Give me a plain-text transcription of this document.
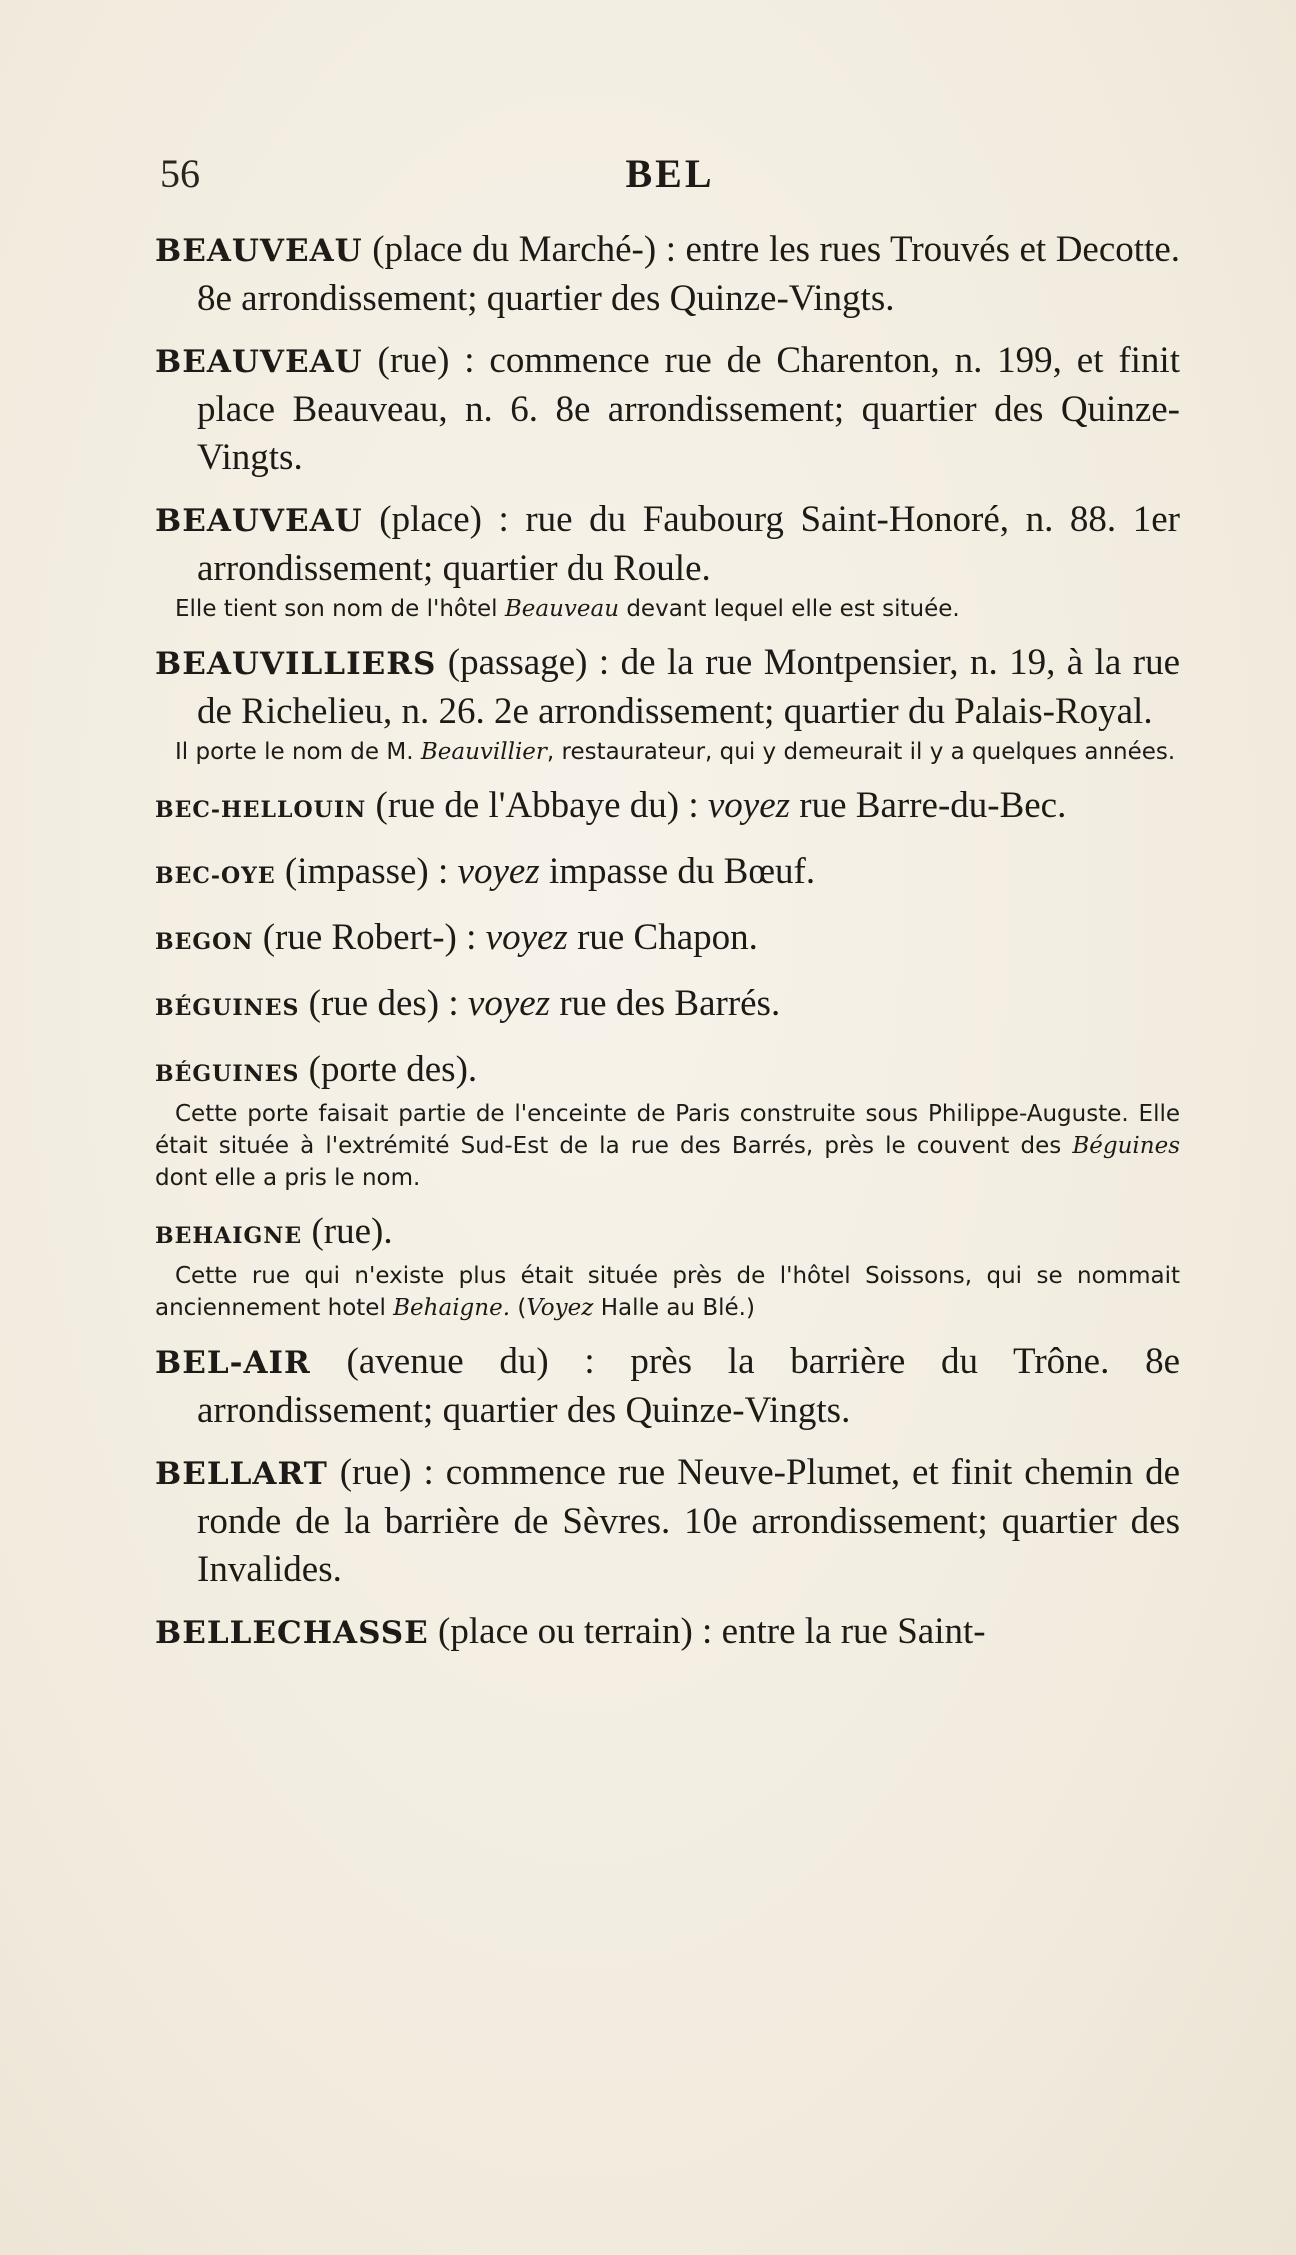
56	BEL

BEAUVEAU (place du Marché-) : entre les rues Trouvés et Decotte. 8e arrondissement; quartier des Quinze-Vingts.

BEAUVEAU (rue) : commence rue de Charenton, n. 199, et finit place Beauveau, n. 6. 8e arrondissement; quartier des Quinze-Vingts.

BEAUVEAU (place) : rue du Faubourg Saint-Honoré, n. 88. 1er arrondissement; quartier du Roule.

Elle tient son nom de l'hôtel Beauveau devant lequel elle est située.

BEAUVILLIERS (passage) : de la rue Montpensier, n. 19, à la rue de Richelieu, n. 26. 2e arrondissement; quartier du Palais-Royal.

Il porte le nom de M. Beauvillier, restaurateur, qui y demeurait il y a quelques années.

BEC-HELLOUIN (rue de l'Abbaye du) : voyez rue Barre-du-Bec.

BEC-OYE (impasse) : voyez impasse du Bœuf.

BEGON (rue Robert-) : voyez rue Chapon.

BÉGUINES (rue des) : voyez rue des Barrés.

BÉGUINES (porte des).

Cette porte faisait partie de l'enceinte de Paris construite sous Philippe-Auguste. Elle était située à l'extrémité Sud-Est de la rue des Barrés, près le couvent des Béguines dont elle a pris le nom.

BEHAIGNE (rue).

Cette rue qui n'existe plus était située près de l'hôtel Soissons, qui se nommait anciennement hotel Behaigne. (Voyez Halle au Blé.)

BEL-AIR (avenue du) : près la barrière du Trône. 8e arrondissement; quartier des Quinze-Vingts.

BELLART (rue) : commence rue Neuve-Plumet, et finit chemin de ronde de la barrière de Sèvres. 10e arrondissement; quartier des Invalides.

BELLECHASSE (place ou terrain) : entre la rue Saint-
